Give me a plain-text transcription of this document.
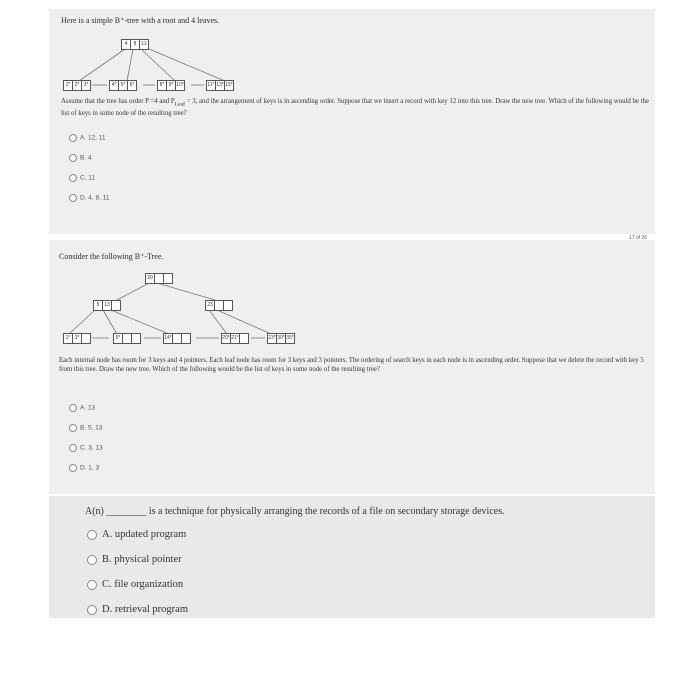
Here is a simple B⁺-tree with a root and 4 leaves.
4	8	11
1* 2* 3*	4* 5* 6*	8* 9* 10*	11* 13* 15*
Assume that the tree has order P =4 and $P_{Leaf} = 3$, and the arrangement of keys is in ascending order. Suppose that we insert a record with key 12 into this tree. Draw the new tree. Which of the following would be the list of keys in some node of the resulting tree?
A. 12, 11
B. 4
C. 11
D. 4, 8, 11
17 of 26
Consider the following B⁺-Tree.
20
5 13	23
1* 3*	5*	14*	20* 21*	23* 30* 35*
Each internal node has room for 3 keys and 4 pointers. Each leaf node has room for 3 keys and 3 pointers. The ordering of search keys in each node is in ascending order. Suppose that we delete the record with key 5 from this tree. Draw the new tree. Which of the following would be the list of keys in some node of the resulting tree?
A. 13
B. 5, 13
C. 3, 13
D. 1, 3
A(n) ________ is a technique for physically arranging the records of a file on secondary storage devices.
A. updated program
B. physical pointer
C. file organization
D. retrieval program
